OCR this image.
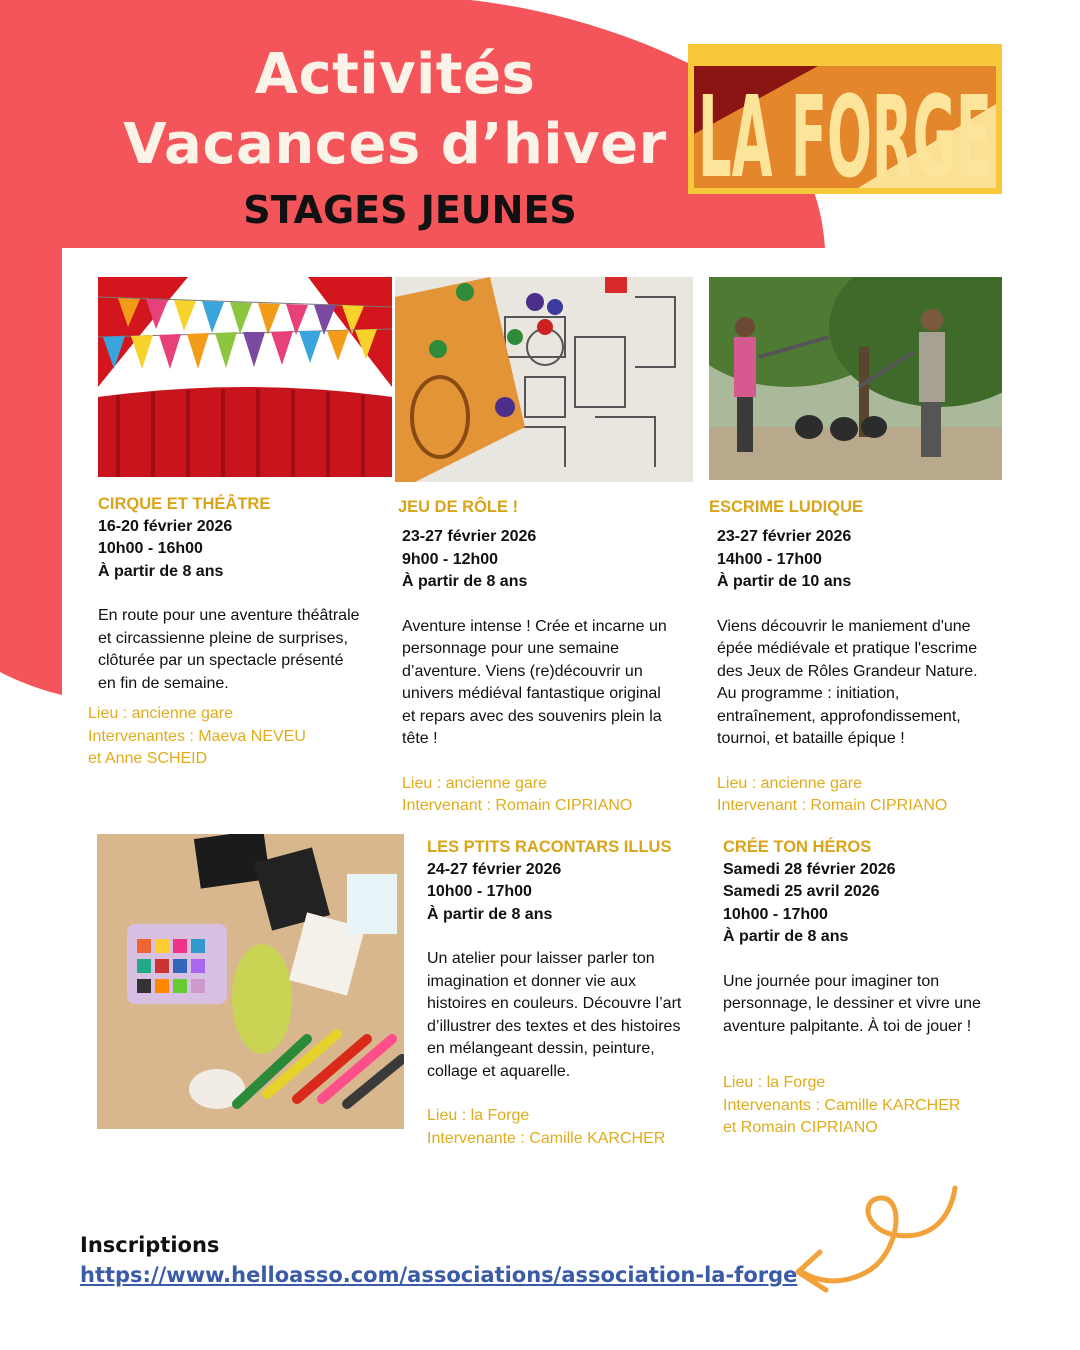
Activités
Vacances d’hiver
STAGES JEUNES
LA FORGE
CIRQUE ET THÉÂTRE
16-20 février 2026
10h00 - 16h00
À partir de 8 ans
En route pour une aventure théâtrale
et circassienne pleine de surprises,
clôturée par un spectacle présenté
en fin de semaine.
Lieu : ancienne gare
Intervenantes : Maeva NEVEU
et Anne SCHEID
JEU DE RÔLE !
23-27 février 2026
9h00 - 12h00
À partir de 8 ans
Aventure intense ! Crée et incarne un
personnage pour une semaine
d’aventure. Viens (re)découvrir un
univers médiéval fantastique original
et repars avec des souvenirs plein la
tête !
Lieu : ancienne gare
Intervenant : Romain CIPRIANO
ESCRIME LUDIQUE
23-27 février 2026
14h00 - 17h00
À partir de 10 ans
Viens découvrir le maniement d'une
épée médiévale et pratique l'escrime
des Jeux de Rôles Grandeur Nature.
Au programme : initiation,
entraînement, approfondissement,
tournoi, et bataille épique !
Lieu : ancienne gare
Intervenant : Romain CIPRIANO
LES PTITS RACONTARS ILLUS
24-27 février 2026
10h00 - 17h00
À partir de 8 ans
Un atelier pour laisser parler ton
imagination et donner vie aux
histoires en couleurs. Découvre l’art
d’illustrer des textes et des histoires
en mélangeant dessin, peinture,
collage et aquarelle.
Lieu : la Forge
Intervenante : Camille KARCHER
CRÉE TON HÉROS
Samedi 28 février 2026
Samedi 25 avril 2026
10h00 - 17h00
À partir de 8 ans
Une journée pour imaginer ton
personnage, le dessiner et vivre une
aventure palpitante. À toi de jouer !
Lieu : la Forge
Intervenants : Camille KARCHER
et Romain CIPRIANO
Inscriptions
https://www.helloasso.com/associations/association-la-forge
